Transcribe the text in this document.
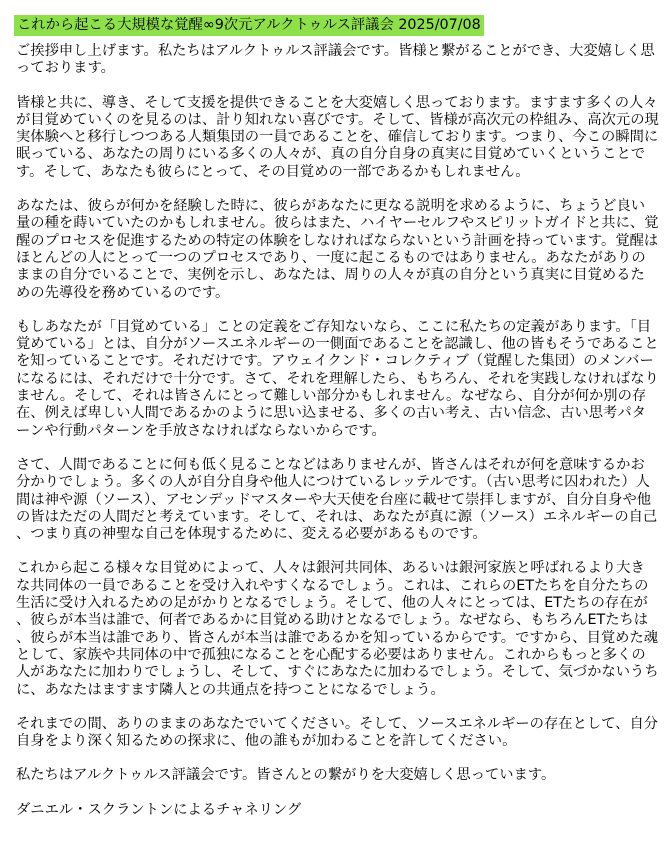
これから起こる大規模な覚醒∞9次元アルクトゥルス評議会 2025/07/08

ご挨拶申し上げます。私たちはアルクトゥルス評議会です。皆様と繋がることができ、大変嬉しく思っております。

皆様と共に、導き、そして支援を提供できることを大変嬉しく思っております。ますます多くの人々が目覚めていくのを見るのは、計り知れない喜びです。そして、皆様が高次元の枠組み、高次元の現実体験へと移行しつつある人類集団の一員であることを、確信しております。つまり、今この瞬間に眠っている、あなたの周りにいる多くの人々が、真の自分自身の真実に目覚めていくということです。そして、あなたも彼らにとって、その目覚めの一部であるかもしれません。

あなたは、彼らが何かを経験した時に、彼らがあなたに更なる説明を求めるように、ちょうど良い量の種を蒔いていたのかもしれません。彼らはまた、ハイヤーセルフやスピリットガイドと共に、覚醒のプロセスを促進するための特定の体験をしなければならないという計画を持っています。覚醒はほとんどの人にとって一つのプロセスであり、一度に起こるものではありません。あなたがありのままの自分でいることで、実例を示し、あなたは、周りの人々が真の自分という真実に目覚めるための先導役を務めているのです。

もしあなたが「目覚めている」ことの定義をご存知ないなら、ここに私たちの定義があります。「目覚めている」とは、自分がソースエネルギーの一側面であることを認識し、他の皆もそうであることを知っていることです。それだけです。アウェイクンド・コレクティブ（覚醒した集団）のメンバーになるには、それだけで十分です。さて、それを理解したら、もちろん、それを実践しなければなりません。そして、それは皆さんにとって難しい部分かもしれません。なぜなら、自分が何か別の存在、例えば卑しい人間であるかのように思い込ませる、多くの古い考え、古い信念、古い思考パターンや行動パターンを手放さなければならないからです。

さて、人間であることに何も低く見ることなどはありませんが、皆さんはそれが何を意味するかお分かりでしょう。多くの人が自分自身や他人につけているレッテルです。（古い思考に囚われた）人間は神や源（ソース）、アセンデッドマスターや大天使を台座に載せて崇拝しますが、自分自身や他の皆はただの人間だと考えています。そして、それは、あなたが真に源（ソース）エネルギーの自己、つまり真の神聖な自己を体現するために、変える必要があるものです。

これから起こる様々な目覚めによって、人々は銀河共同体、あるいは銀河家族と呼ばれるより大きな共同体の一員であることを受け入れやすくなるでしょう。これは、これらのETたちを自分たちの生活に受け入れるための足がかりとなるでしょう。そして、他の人々にとっては、ETたちの存在が、彼らが本当は誰で、何者であるかに目覚める助けとなるでしょう。なぜなら、もちろんETたちは、彼らが本当は誰であり、皆さんが本当は誰であるかを知っているからです。ですから、目覚めた魂として、家族や共同体の中で孤独になることを心配する必要はありません。これからもっと多くの人があなたに加わりでしょうし、そして、すぐにあなたに加わるでしょう。そして、気づかないうちに、あなたはますます隣人との共通点を持つことになるでしょう。

それまでの間、ありのままのあなたでいてください。そして、ソースエネルギーの存在として、自分自身をより深く知るための探求に、他の誰もが加わることを許してください。

私たちはアルクトゥルス評議会です。皆さんとの繋がりを大変嬉しく思っています。

ダニエル・スクラントンによるチャネリング
